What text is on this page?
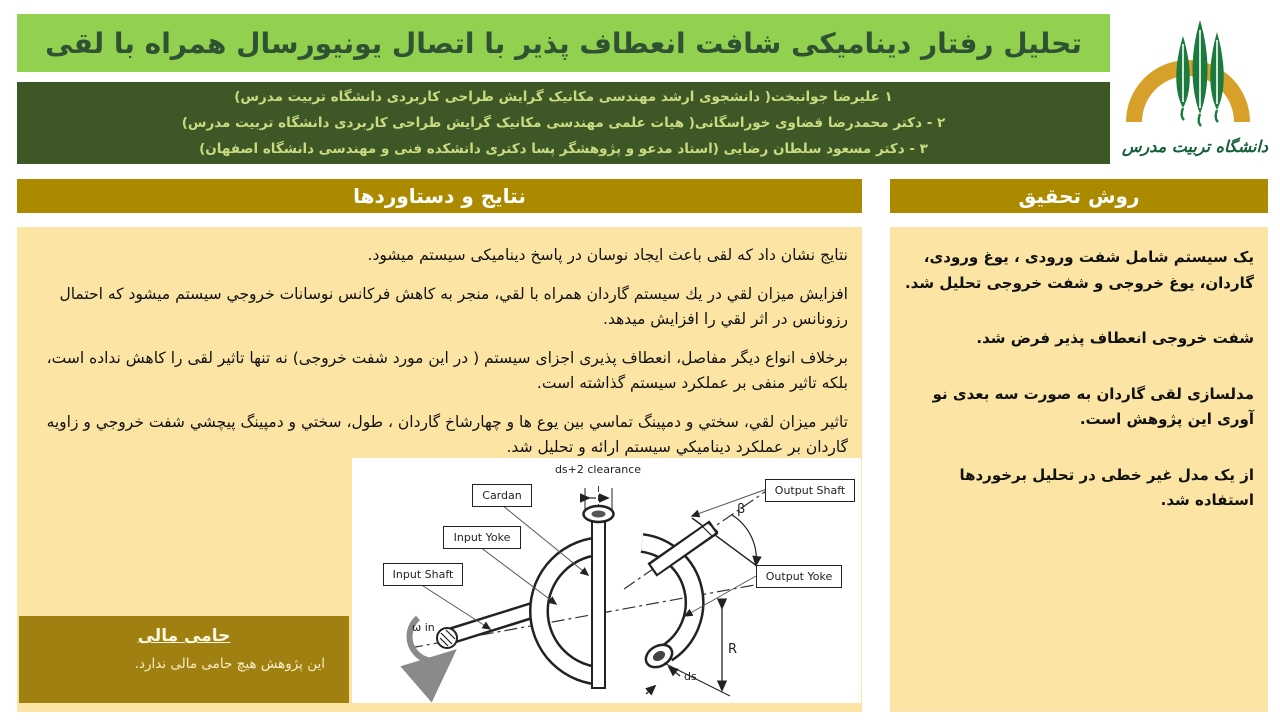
تحلیل رفتار دینامیکی شافت انعطاف پذیر با اتصال یونیورسال همراه با لقی
۱ علیرضا جوانبخت( دانشجوی ارشد مهندسی مکانیک گرایش طراحی کاربردی دانشگاه تربیت مدرس)
۲ - دکتر محمدرضا قضاوی خوراسگانی( هیات علمی مهندسی مکانیک گرایش طراحی کاربردی دانشگاه تربیت مدرس)
۳ - دکتر مسعود سلطان رضایی (استاد مدعو و پژوهشگر پسا دکتری دانشکده فنی و مهندسی دانشگاه اصفهان)	دانشگاه تربیت مدرس
نتایج و دستاوردها	روش تحقیق

نتایج نشان داد که لقی باعث ایجاد نوسان در پاسخ دینامیکی سیستم میشود.

افزایش میزان لقي در یك سیستم گاردان همراه با لقي، منجر به کاهش فرکانس نوسانات خروجي سیستم میشود که احتمال رزونانس در اثر لقي را افزایش میدهد.

برخلاف انواع دیگر مفاصل، انعطاف پذیری اجزای سیستم ( در این مورد شفت خروجی) نه تنها تاثیر لقی را کاهش نداده است، بلکه تاثیر منفی بر عملکرد سیستم گذاشته است.

تاثیر میزان لقي، سختي و دمپینگ تماسي بین یوع ها و چهارشاخ گاردان ، طول، سختي و دمپینگ پیچشي شفت خروجي و زاویه گاردان بر عملکرد دینامیکي سیستم ارائه و تحلیل شد.

ds+2 clearance
Cardan
Input Yoke
Input Shaft
Output Shaft
Output Yoke
β
ω in
R
ds
حامی مالی
این پژوهش هیچ حامی مالی ندارد.

یک سیستم شامل شفت ورودی ، یوغ ورودی، گاردان، یوغ خروجی و شفت خروجی تحلیل شد.

شفت خروجی انعطاف پذیر فرض شد.

مدلسازی لقی گاردان به صورت سه بعدی نو آوری این پژوهش است.

از یک مدل غیر خطی در تحلیل برخوردها استفاده شد.
